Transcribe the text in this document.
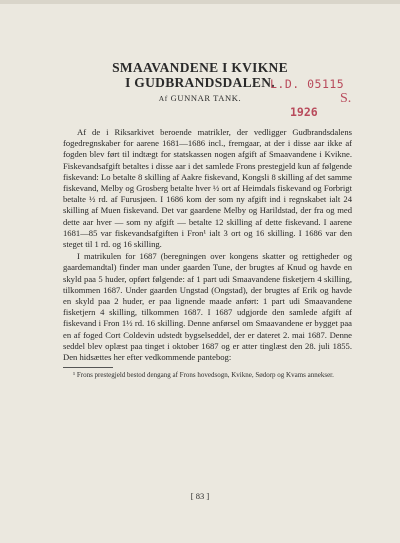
SMAAVANDENE I KVIKNE
I GUDBRANDSDALEN.
Af GUNNAR TANK.
L.D. 05115
S.
1926

Af de i Riksarkivet beroende matrikler, der vedligger Gudbrandsdalens fogedregnskaber for aarene 1681—1686 incl., fremgaar, at der i disse aar ikke af fogden blev ført til indtægt for statskassen nogen afgift af Smaavandene i Kvikne. Fiskevandsafgift betaltes i disse aar i det samlede Frons prestegjeld kun af følgende fiskevand: Lo betalte 8 skilling af Aakre fiskevand, Kongsli 8 skilling af det samme fiskevand, Melby og Grosberg betalte hver ½ ort af Heimdals fiskevand og Forbrigt betalte ½ rd. af Furusjøen. I 1686 kom der som ny afgift ind i regnskabet ialt 24 skilling af Muen fiskevand. Det var gaardene Melby og Harildstad, der fra og med dette aar hver — som ny afgift — betalte 12 skilling af dette fiskevand. I aarene 1681—85 var fiskevandsafgiften i Fron¹ ialt 3 ort og 16 skilling. I 1686 var den steget til 1 rd. og 16 skilling.

I matrikulen for 1687 (beregningen over kongens skatter og rettigheder og gaardemandtal) finder man under gaarden Tune, der brugtes af Knud og havde en skyld paa 5 huder, opført følgende: af 1 part udi Smaavandene fisketjern 4 skilling, tilkommen 1687. Under gaarden Ungstad (Ongstad), der brugtes af Erik og havde en skyld paa 2 huder, er paa lignende maade anført: 1 part udi Smaavandene fisketjern 4 skilling, tilkommen 1687. I 1687 udgjorde den samlede afgift af fiskevand i Fron 1½ rd. 16 skilling. Denne anførsel om Smaavandene er bygget paa en af foged Cort Coldevin udstedt bygselseddel, der er dateret 2. mai 1687. Denne seddel blev oplæst paa tinget i oktober 1687 og er atter tinglæst den 28. juli 1855. Den hidsættes her efter vedkommende pantebog:

¹ Frons prestegjeld bestod dengang af Frons hovedsogn, Kvikne, Sødorp og Kvams annekser.
[ 83 ]
